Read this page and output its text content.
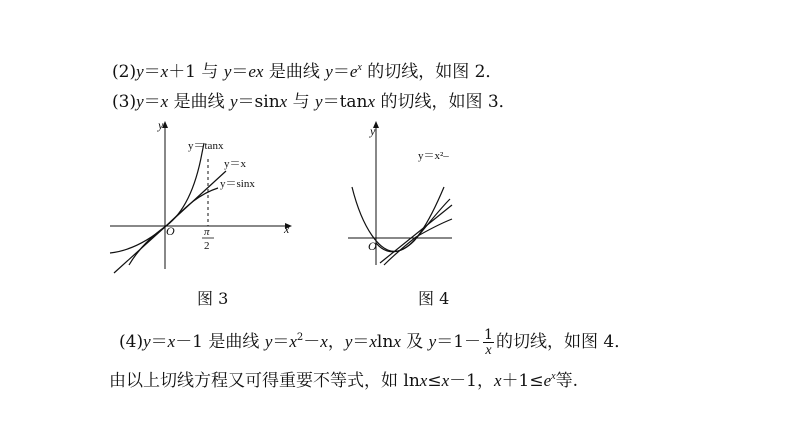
(2)y＝x＋1 与 y＝ex 是曲线 $y=e^x$ 的切线，如图 2．
(3)y＝x 是曲线 y＝sinx 与 y＝tanx 的切线，如图 3．
y
x
O
y＝tanx
y＝x
y＝sinx
π
2
y
O
y＝x²–
图 3	图 4
(4)y＝x－1 是曲线 $y=x^2-x$，y＝xlnx 及 $y=1- \frac{1}{x}$ 的切线，如图 4．
由以上切线方程又可得重要不等式，如 lnx≤x－1，$x+1\le e^x$等.
